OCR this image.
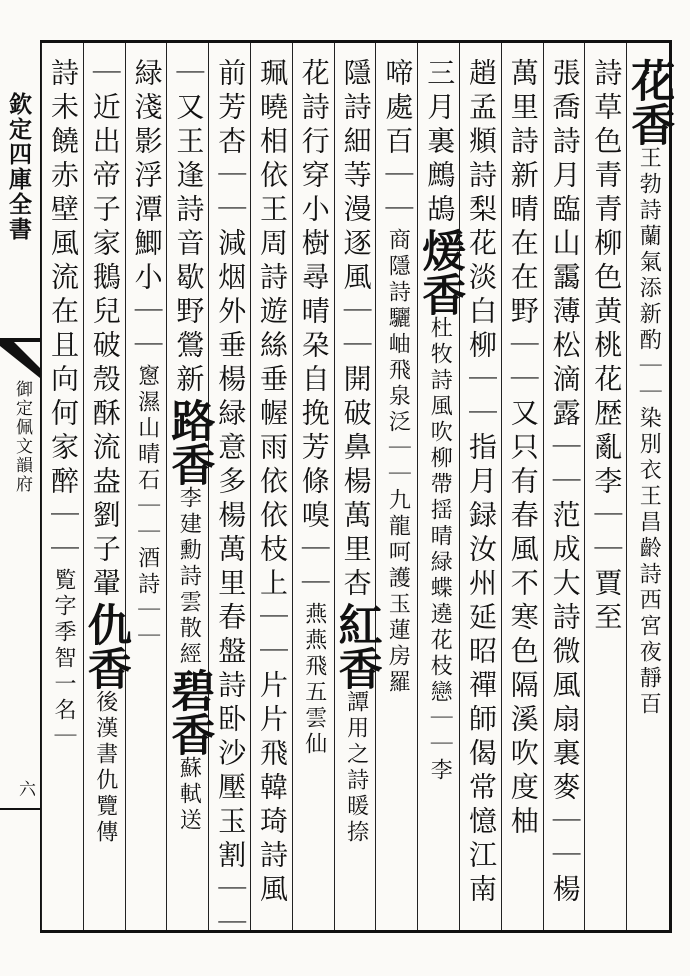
欽定四庫全書
御定佩文韻府
六
花香王勃詩蘭氣添新酌｜｜染別衣王昌齡詩西宮夜靜百
詩草色青青柳色黄桃花歴亂李｜｜賈至
張喬詩月臨山靄薄松滴露｜｜范成大詩微風扇裏麥｜｜楊
萬里詩新晴在在野｜｜又只有春風不寒色隔溪吹度柚
趙孟頫詩梨花淡白柳｜｜指月録汝州延昭禪師偈常憶江南
三月裏鷓鴣煖香杜牧詩風吹柳帶揺晴緑蝶遶花枝戀｜｜李
啼處百｜｜商隱詩驪岫飛泉泛｜｜九龍呵護玉蓮房羅
隱詩細䓁漫逐風｜｜開破鼻楊萬里杏紅香譚用之詩暖捺
花詩行穿小樹尋晴朶自挽芳條嗅｜｜燕燕飛五雲仙
珮曉相依王周詩遊絲垂幄雨依依枝上｜｜片片飛韓琦詩風
前芳杏｜｜減烟外垂楊緑意多楊萬里春盤詩卧沙壓玉割｜｜
｜又王逢詩音歇野鶯新路香李建勳詩雲散經碧香蘇軾送
緑淺影浮潭鯽小｜｜窻濕山晴石｜｜酒詩｜｜
｜近出帝子家鵝兒破殼酥流盎劉子翬仇香後漢書仇覽傳
詩未饒赤壁風流在且向何家醉｜｜覧字季智一名｜
